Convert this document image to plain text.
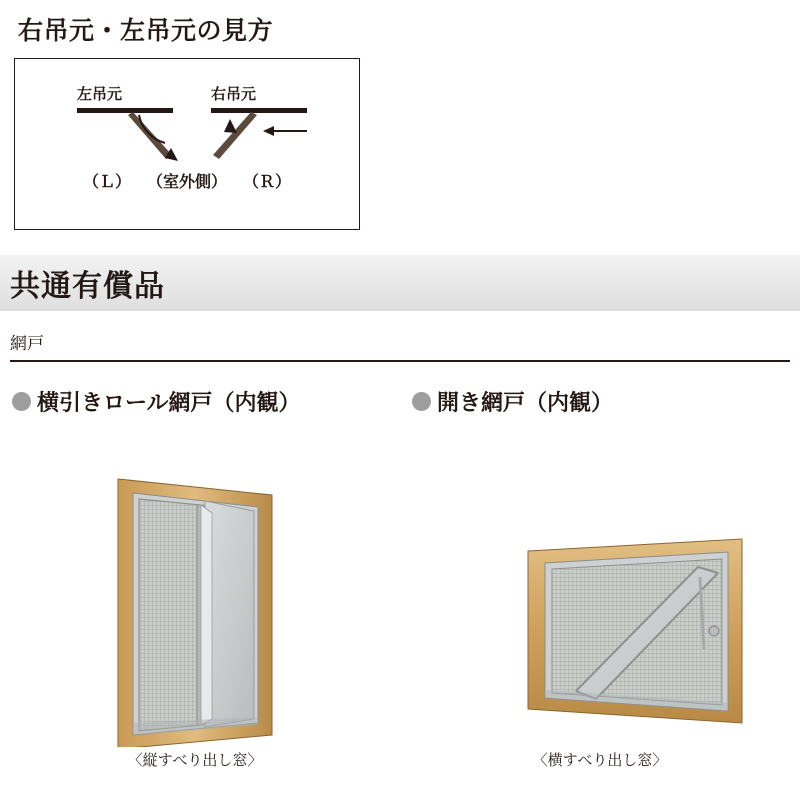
右吊元・左吊元の見方
左吊元	右吊元
（Ｌ） （室外側） （Ｒ）
共通有償品
網戸
横引きロール網戸（内観）
〈縦すべり出し窓〉
開き網戸（内観）
〈横すべり出し窓〉
